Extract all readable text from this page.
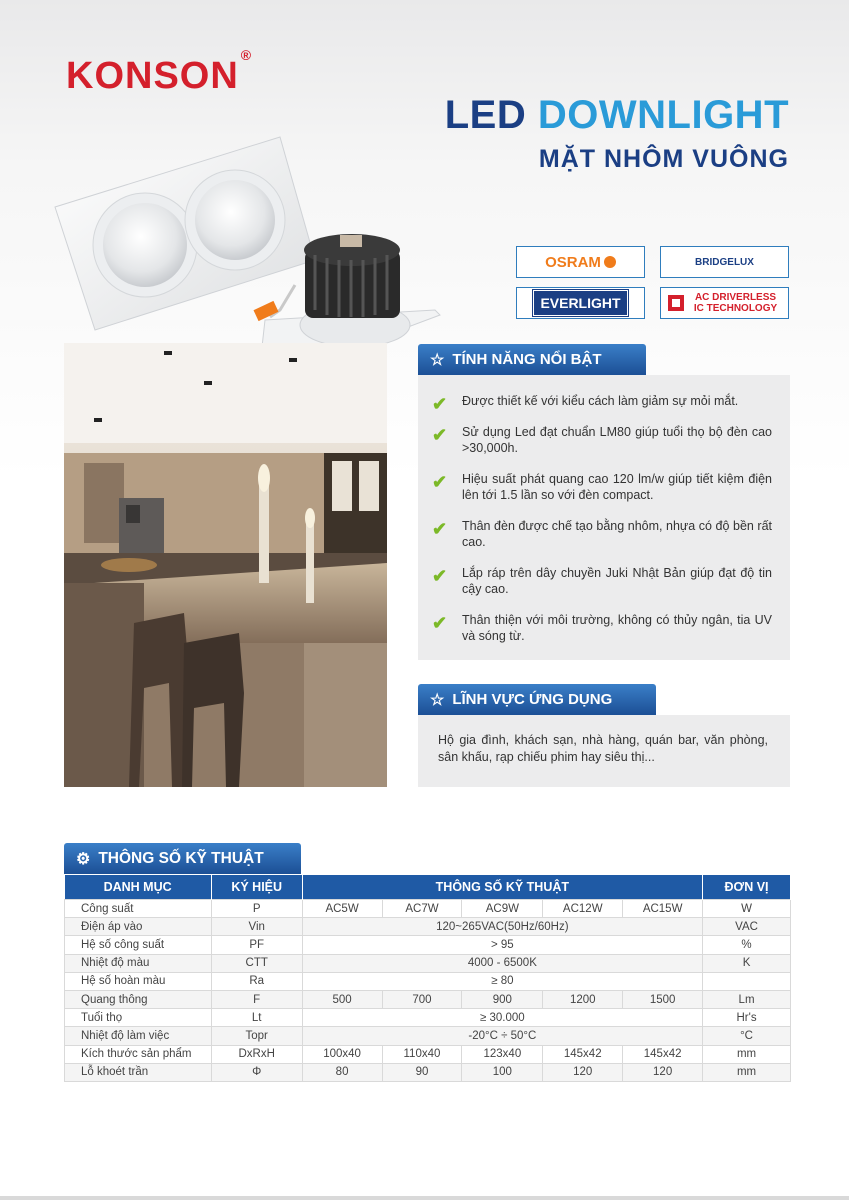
KONSON ®
LED DOWNLIGHT
MẶT NHÔM VUÔNG
OSRAM	BRIDGELUX
EVERLIGHT	AC DRIVERLESS IC TECHNOLOGY
☆ TÍNH NĂNG NỔI BẬT
✔ Được thiết kế với kiểu cách làm giảm sự mỏi mắt.
✔ Sử dụng Led đạt chuẩn LM80 giúp tuổi thọ bộ đèn cao >30,000h.
✔ Hiệu suất phát quang cao 120 lm/w giúp tiết kiệm điện lên tới 1.5 lần so với đèn compact.
✔ Thân đèn được chế tạo bằng nhôm, nhựa có độ bền rất cao.
✔ Lắp ráp trên dây chuyền Juki Nhật Bản giúp đạt độ tin cậy cao.
✔ Thân thiện với môi trường, không có thủy ngân, tia UV và sóng từ.
☆ LĨNH VỰC ỨNG DỤNG
Hộ gia đình, khách sạn, nhà hàng, quán bar, văn phòng, sân khấu, rạp chiếu phim hay siêu thị...
⚙ THÔNG SỐ KỸ THUẬT
DANH MỤC	KÝ HIỆU	THÔNG SỐ KỸ THUẬT					ĐƠN VỊ
Công suất	P	AC5W	AC7W	AC9W	AC12W	AC15W	W
Điện áp vào	Vin	120~265VAC(50Hz/60Hz)					VAC
Hệ số công suất	PF	> 95					%
Nhiệt độ màu	CTT	4000 - 6500K					K
Hệ số hoàn màu	Ra	≥ 80					
Quang thông	F	500	700	900	1200	1500	Lm
Tuổi thọ	Lt	≥ 30.000					Hr's
Nhiệt độ làm việc	Topr	-20°C ÷ 50°C					°C
Kích thước sản phẩm	DxRxH	100x40	110x40	123x40	145x42	145x42	mm
Lỗ khoét trần	Φ	80	90	100	120	120	mm
